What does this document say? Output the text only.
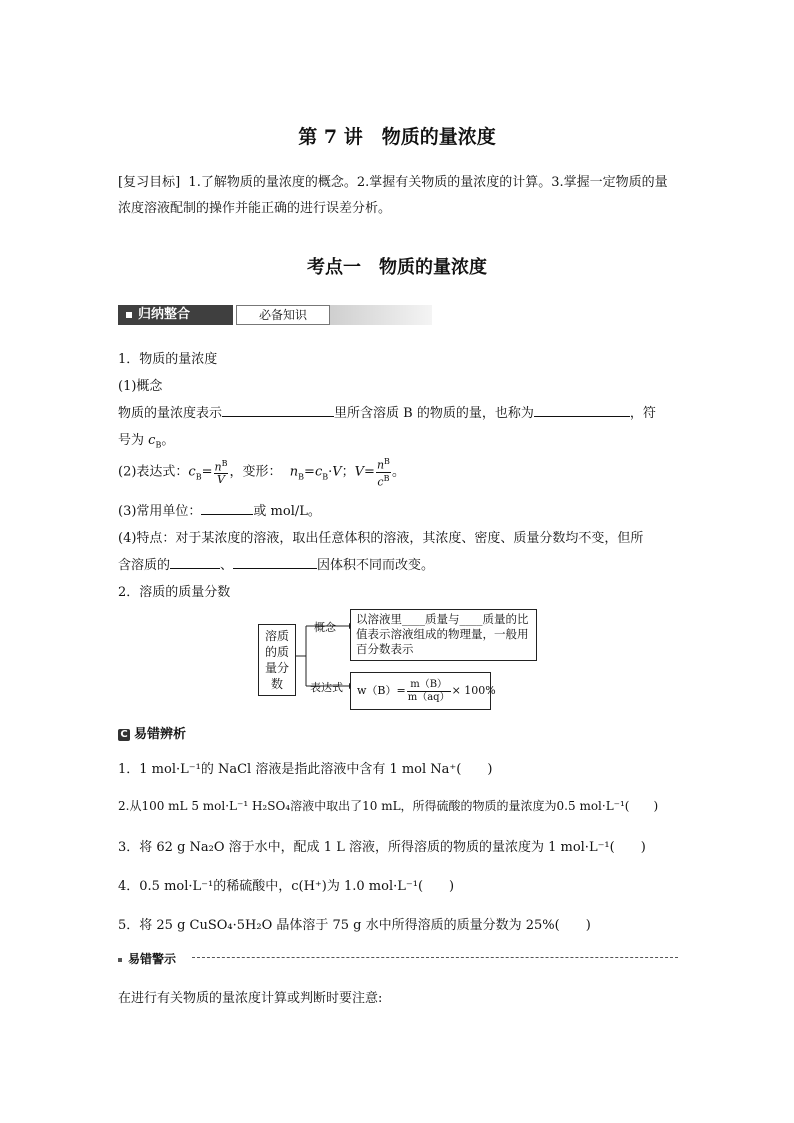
第 7 讲　物质的量浓度
[复习目标] 1.了解物质的量浓度的概念。2.掌握有关物质的量浓度的计算。3.掌握一定物质的量浓度溶液配制的操作并能正确的进行误差分析。
考点一　物质的量浓度
归纳整合	必备知识
1．物质的量浓度
(1)概念
物质的量浓度表示	里所含溶质 B 的物质的量，也称为	，符
号为 $c_B$。
(2)表达式：$c_B= \frac{n^B}{V}$ ，变形： $n_B=c_B\cdot V$；$V= \frac{n^B}{c^B}$ 。
(3)常用单位：	或 mol/L。
(4)特点：对于某浓度的溶液，取出任意体积的溶液，其浓度、密度、质量分数均不变，但所
含溶质的	、	因体积不同而改变。
2．溶质的质量分数
溶质的质量分数
概念
表达式
以溶液里____质量与____质量的比值表示溶液组成的物理量，一般用百分数表示
$w(B)= \frac{m(B)}{m(aq)} \times 100\%$
C 易错辨析
1．1 mol·L⁻¹的 NaCl 溶液是指此溶液中含有 1 mol Na⁺(　　)
2.从100 mL 5 mol·L⁻¹ H₂SO₄溶液中取出了10 mL，所得硫酸的物质的量浓度为0.5 mol·L⁻¹(　　)
3．将 62 g Na₂O 溶于水中，配成 1 L 溶液，所得溶质的物质的量浓度为 1 mol·L⁻¹(　　)
4．0.5 mol·L⁻¹的稀硫酸中，c(H⁺)为 1.0 mol·L⁻¹(　　)
5．将 25 g CuSO₄·5H₂O 晶体溶于 75 g 水中所得溶质的质量分数为 25%(　　)
易错警示
在进行有关物质的量浓度计算或判断时要注意:
